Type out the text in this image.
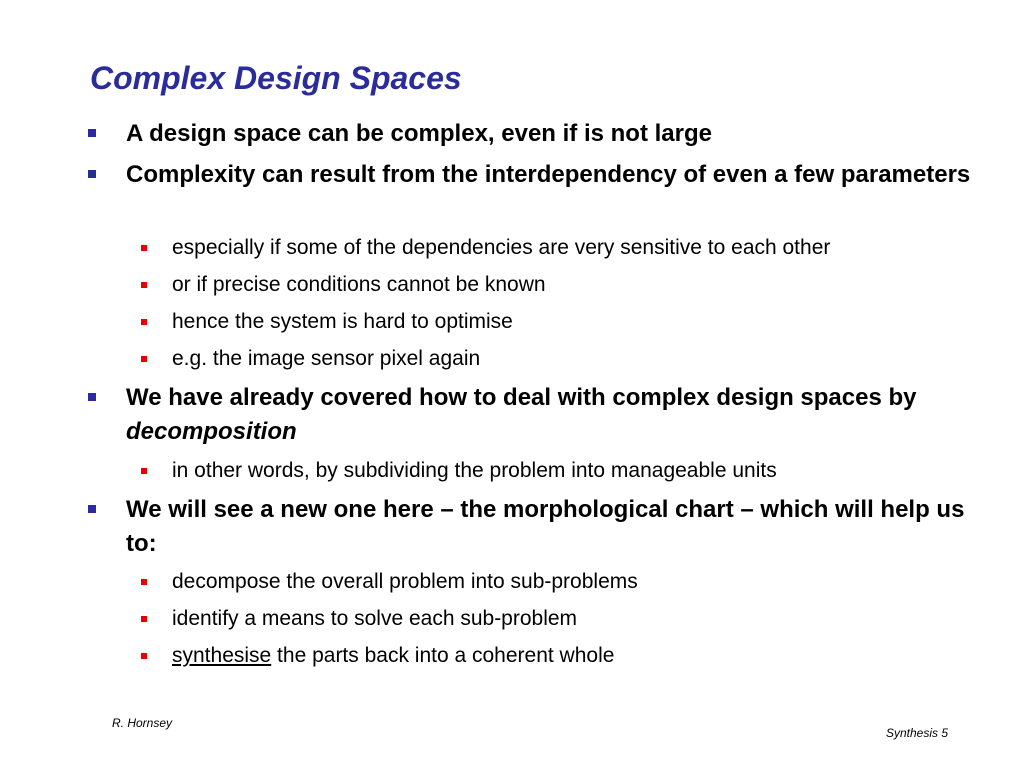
Complex Design Spaces
A design space can be complex, even if is not large
Complexity can result from the interdependency of even a few parameters
especially if some of the dependencies are very sensitive to each other
or if precise conditions cannot be known
hence the system is hard to optimise
e.g. the image sensor pixel again
We have already covered how to deal with complex design spaces by decomposition
in other words, by subdividing the problem into manageable units
We will see a new one here – the morphological chart – which will help us to:
decompose the overall problem into sub-problems
identify a means to solve each sub-problem
synthesise the parts back into a coherent whole
R. Hornsey
Synthesis 5
